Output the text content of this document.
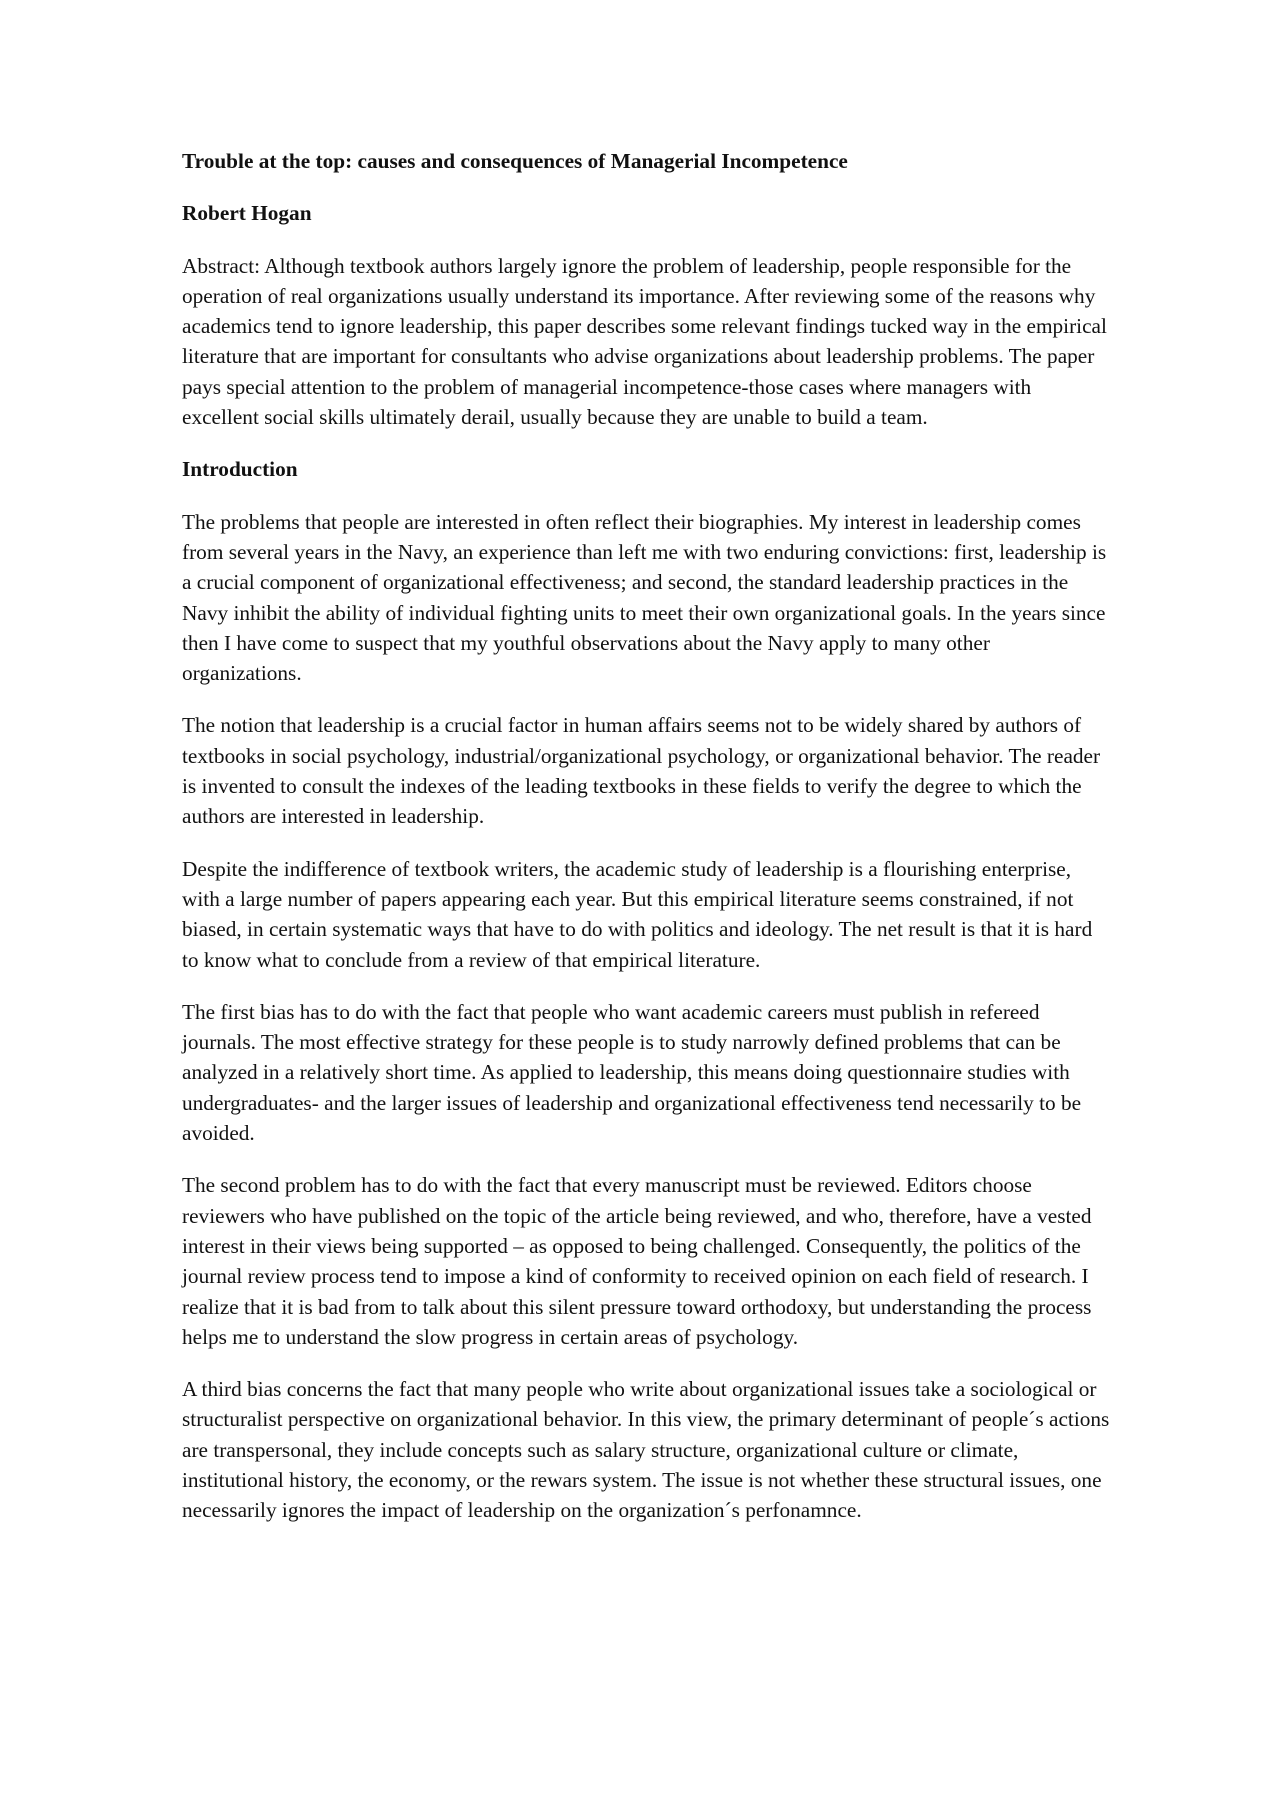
Trouble at the top: causes and consequences of Managerial Incompetence

Robert Hogan

Abstract: Although textbook authors largely ignore the problem of leadership, people responsible for the operation of real organizations usually understand its importance. After reviewing some of the reasons why academics tend to ignore leadership, this paper describes some relevant findings tucked way in the empirical literature that are important for consultants who advise organizations about leadership problems. The paper pays special attention to the problem of managerial incompetence-those cases where managers with excellent social skills ultimately derail, usually because they are unable to build a team.

Introduction

The problems that people are interested in often reflect their biographies. My interest in leadership comes from several years in the Navy, an experience than left me with two enduring convictions: first, leadership is a crucial component of organizational effectiveness; and second, the standard leadership practices in the Navy inhibit the ability of individual fighting units to meet their own organizational goals. In the years since then I have come to suspect that my youthful observations about the Navy apply to many other organizations.

The notion that leadership is a crucial factor in human affairs seems not to be widely shared by authors of textbooks in social psychology, industrial/organizational psychology, or organizational behavior. The reader is invented to consult the indexes of the leading textbooks in these fields to verify the degree to which the authors are interested in leadership.

Despite the indifference of textbook writers, the academic study of leadership is a flourishing enterprise, with a large number of papers appearing each year. But this empirical literature seems constrained, if not biased, in certain systematic ways that have to do with politics and ideology. The net result is that it is hard to know what to conclude from a review of that empirical literature.

The first bias has to do with the fact that people who want academic careers must publish in refereed journals. The most effective strategy for these people is to study narrowly defined problems that can be analyzed in a relatively short time. As applied to leadership, this means doing questionnaire studies with undergraduates- and the larger issues of leadership and organizational effectiveness tend necessarily to be avoided.

The second problem has to do with the fact that every manuscript must be reviewed. Editors choose reviewers who have published on the topic of the article being reviewed, and who, therefore, have a vested interest in their views being supported – as opposed to being challenged. Consequently, the politics of the journal review process tend to impose a kind of conformity to received opinion on each field of research. I realize that it is bad from to talk about this silent pressure toward orthodoxy, but understanding the process helps me to understand the slow progress in certain areas of psychology.

A third bias concerns the fact that many people who write about organizational issues take a sociological or structuralist perspective on organizational behavior. In this view, the primary determinant of people´s actions are transpersonal, they include concepts such as salary structure, organizational culture or climate, institutional history, the economy, or the rewars system. The issue is not whether these structural issues, one necessarily ignores the impact of leadership on the organization´s perfonamnce.
